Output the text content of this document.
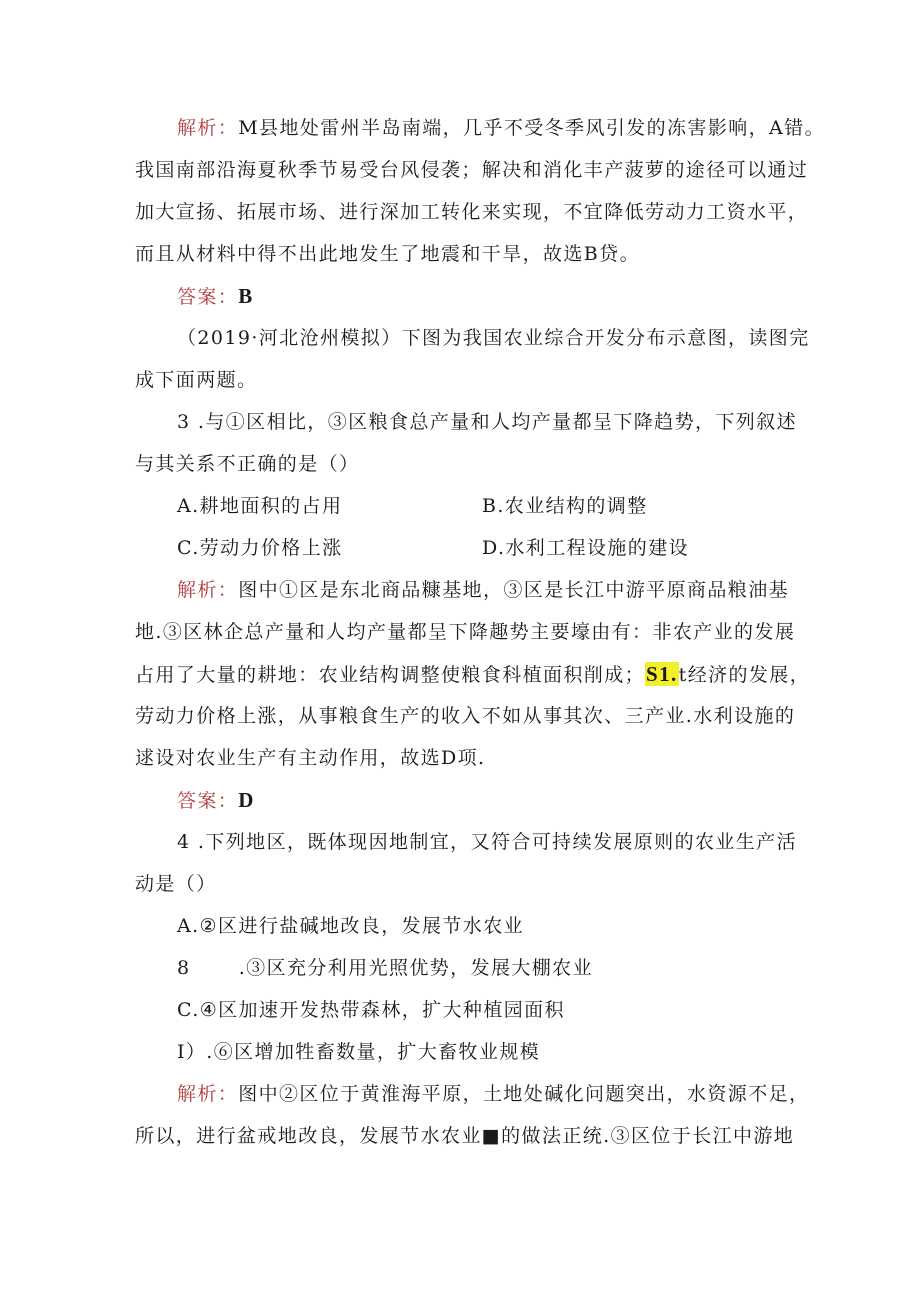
解析：M县地处雷州半岛南端，几乎不受冬季风引发的冻害影响，A错。
我国南部沿海夏秋季节易受台风侵袭；解决和消化丰产菠萝的途径可以通过
加大宣扬、拓展市场、进行深加工转化来实现，不宜降低劳动力工资水平，
而且从材料中得不出此地发生了地震和干旱，故选B贷。
答案：B
（2019·河北沧州模拟）下图为我国农业综合开发分布示意图，读图完
成下面两题。
3 .与①区相比，③区粮食总产量和人均产量都呈下降趋势，下列叙述
与其关系不正确的是（）
A.耕地面积的占用	B.农业结构的调整
C.劳动力价格上涨	D.水利工程设施的建设
解析：图中①区是东北商品糠基地，③区是长江中游平原商品粮油基
地.③区林企总产量和人均产量都呈下降趣势主要壕由有：非农产业的发展
占用了大量的耕地：农业结构调整使粮食科植面积削成；S1.t经济的发展，
劳动力价格上涨，从事粮食生产的收入不如从事其次、三产业.水利设施的
逑设对农业生产有主动作用，故选D项.
答案：D
4 .下列地区，既体现因地制宜，又符合可持续发展原则的农业生产活
动是（）
A.②区进行盐碱地改良，发展节水农业
8 　　.③区充分利用光照优势，发展大棚农业
C.④区加速开发热带森林，扩大种植园面积
I）.⑥区增加牲畜数量，扩大畜牧业规模
解析：图中②区位于黄淮海平原，土地处碱化问题突出，水资源不足，
所以，进行盆戒地改良，发展节水农业■的做法正统.③区位于长江中游地
